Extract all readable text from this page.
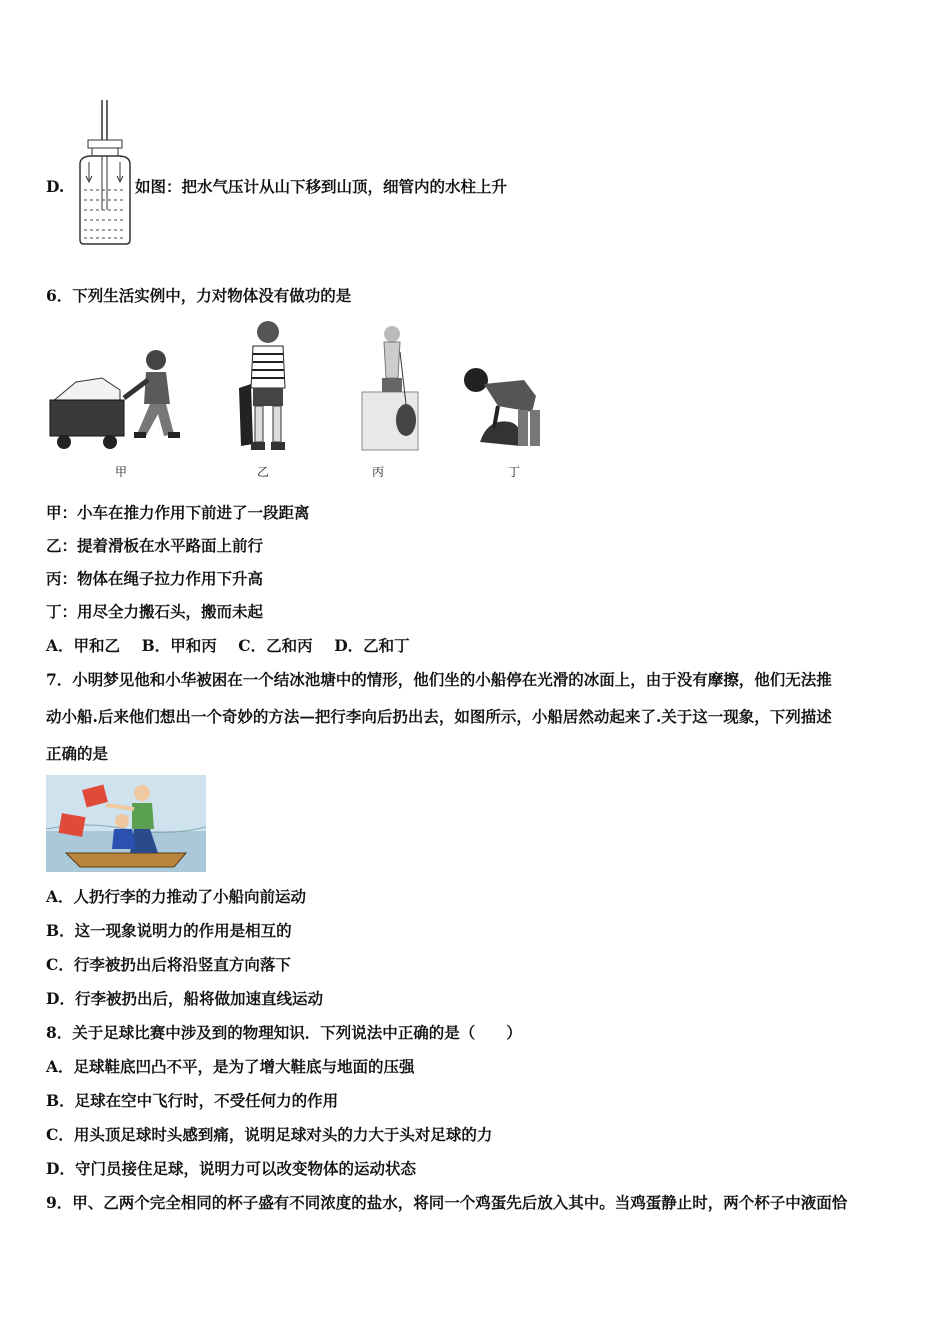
D.	如图：把水气压计从山下移到山顶，细管内的水柱上升
6．下列生活实例中，力对物体没有做功的是
甲	乙	丙	丁
甲：小车在推力作用下前进了一段距离
乙：提着滑板在水平路面上前行
丙：物体在绳子拉力作用下升高
丁：用尽全力搬石头，搬而未起
A．甲和乙    B．甲和丙    C．乙和丙    D．乙和丁
7．小明梦见他和小华被困在一个结冰池塘中的情形，他们坐的小船停在光滑的冰面上，由于没有摩擦，他们无法推
动小船.后来他们想出一个奇妙的方法—把行李向后扔出去，如图所示，小船居然动起来了.关于这一现象，下列描述
正确的是
A．人扔行李的力推动了小船向前运动
B．这一现象说明力的作用是相互的
C．行李被扔出后将沿竖直方向落下
D．行李被扔出后，船将做加速直线运动
8．关于足球比赛中涉及到的物理知识．下列说法中正确的是（　　）
A．足球鞋底凹凸不平，是为了增大鞋底与地面的压强
B．足球在空中飞行时，不受任何力的作用
C．用头顶足球时头感到痛，说明足球对头的力大于头对足球的力
D．守门员接住足球，说明力可以改变物体的运动状态
9．甲、乙两个完全相同的杯子盛有不同浓度的盐水，将同一个鸡蛋先后放入其中。当鸡蛋静止时，两个杯子中液面恰
